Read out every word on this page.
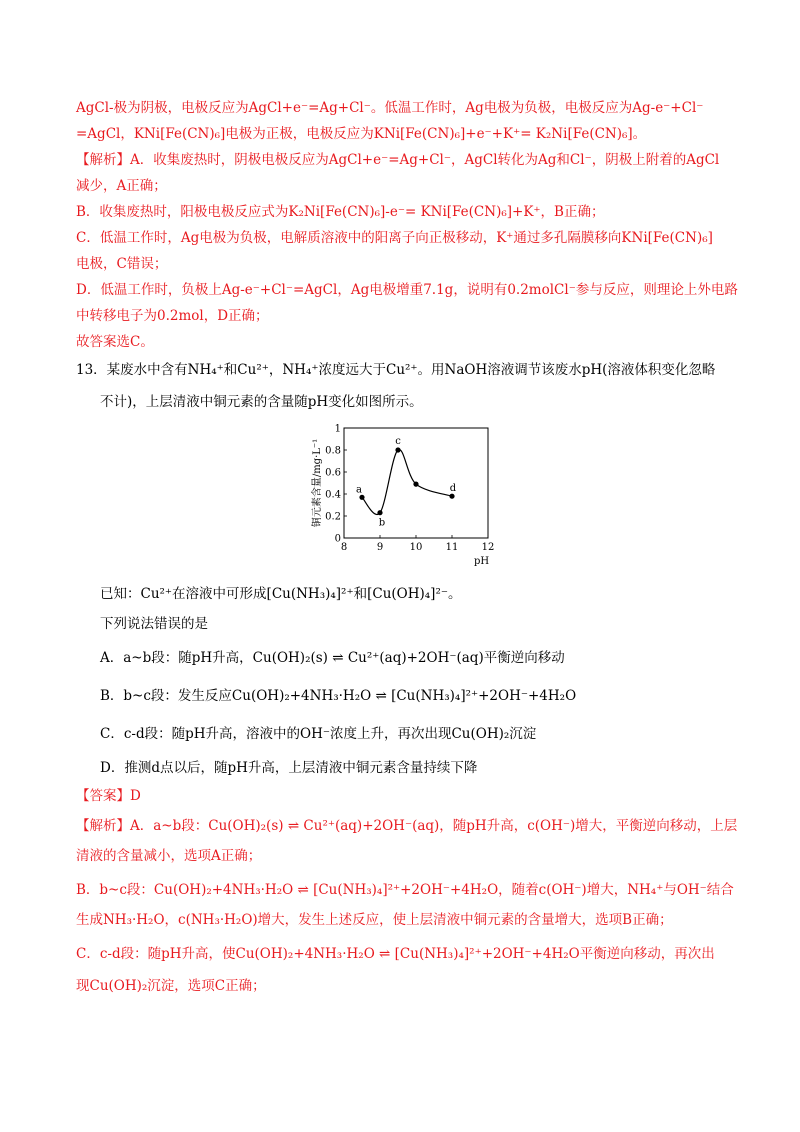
AgCl-极为阴极，电极反应为AgCl+e⁻=Ag+Cl⁻。低温工作时，Ag电极为负极，电极反应为Ag-e⁻+Cl⁻
=AgCl，KNi[Fe(CN)₆]电极为正极，电极反应为KNi[Fe(CN)₆]+e⁻+K⁺= K₂Ni[Fe(CN)₆]。
【解析】A．收集废热时，阴极电极反应为AgCl+e⁻=Ag+Cl⁻，AgCl转化为Ag和Cl⁻，阴极上附着的AgCl
减少，A正确；
B．收集废热时，阳极电极反应式为K₂Ni[Fe(CN)₆]-e⁻= KNi[Fe(CN)₆]+K⁺，B正确；
C．低温工作时，Ag电极为负极，电解质溶液中的阳离子向正极移动，K⁺通过多孔隔膜移向KNi[Fe(CN)₆]
电极，C错误；
D．低温工作时，负极上Ag-e⁻+Cl⁻=AgCl，Ag电极增重7.1g，说明有0.2molCl⁻参与反应，则理论上外电路
中转移电子为0.2mol，D正确；
故答案选C。
13．某废水中含有NH₄⁺和Cu²⁺，NH₄⁺浓度远大于Cu²⁺。用NaOH溶液调节该废水pH(溶液体积变化忽略
不计)，上层清液中铜元素的含量随pH变化如图所示。
8	9	10 11 12
0
0.2
0.4
0.6
0.8
1
a
b
c
d
pH
铜元素含量/mg·L⁻¹
已知：Cu²⁺在溶液中可形成[Cu(NH₃)₄]²⁺和[Cu(OH)₄]²⁻。
下列说法错误的是
A．a~b段：随pH升高，Cu(OH)₂(s) ⇌ Cu²⁺(aq)+2OH⁻(aq)平衡逆向移动
B．b~c段：发生反应Cu(OH)₂+4NH₃·H₂O ⇌ [Cu(NH₃)₄]²⁺+2OH⁻+4H₂O
C．c-d段：随pH升高，溶液中的OH⁻浓度上升，再次出现Cu(OH)₂沉淀
D．推测d点以后，随pH升高，上层清液中铜元素含量持续下降
【答案】D
【解析】A．a~b段：Cu(OH)₂(s) ⇌ Cu²⁺(aq)+2OH⁻(aq)，随pH升高，c(OH⁻)增大，平衡逆向移动，上层
清液的含量减小，选项A正确；
B．b~c段：Cu(OH)₂+4NH₃·H₂O ⇌ [Cu(NH₃)₄]²⁺+2OH⁻+4H₂O，随着c(OH⁻)增大，NH₄⁺与OH⁻结合
生成NH₃·H₂O，c(NH₃·H₂O)增大，发生上述反应，使上层清液中铜元素的含量增大，选项B正确；
C．c-d段：随pH升高，使Cu(OH)₂+4NH₃·H₂O ⇌ [Cu(NH₃)₄]²⁺+2OH⁻+4H₂O平衡逆向移动，再次出
现Cu(OH)₂沉淀，选项C正确；
